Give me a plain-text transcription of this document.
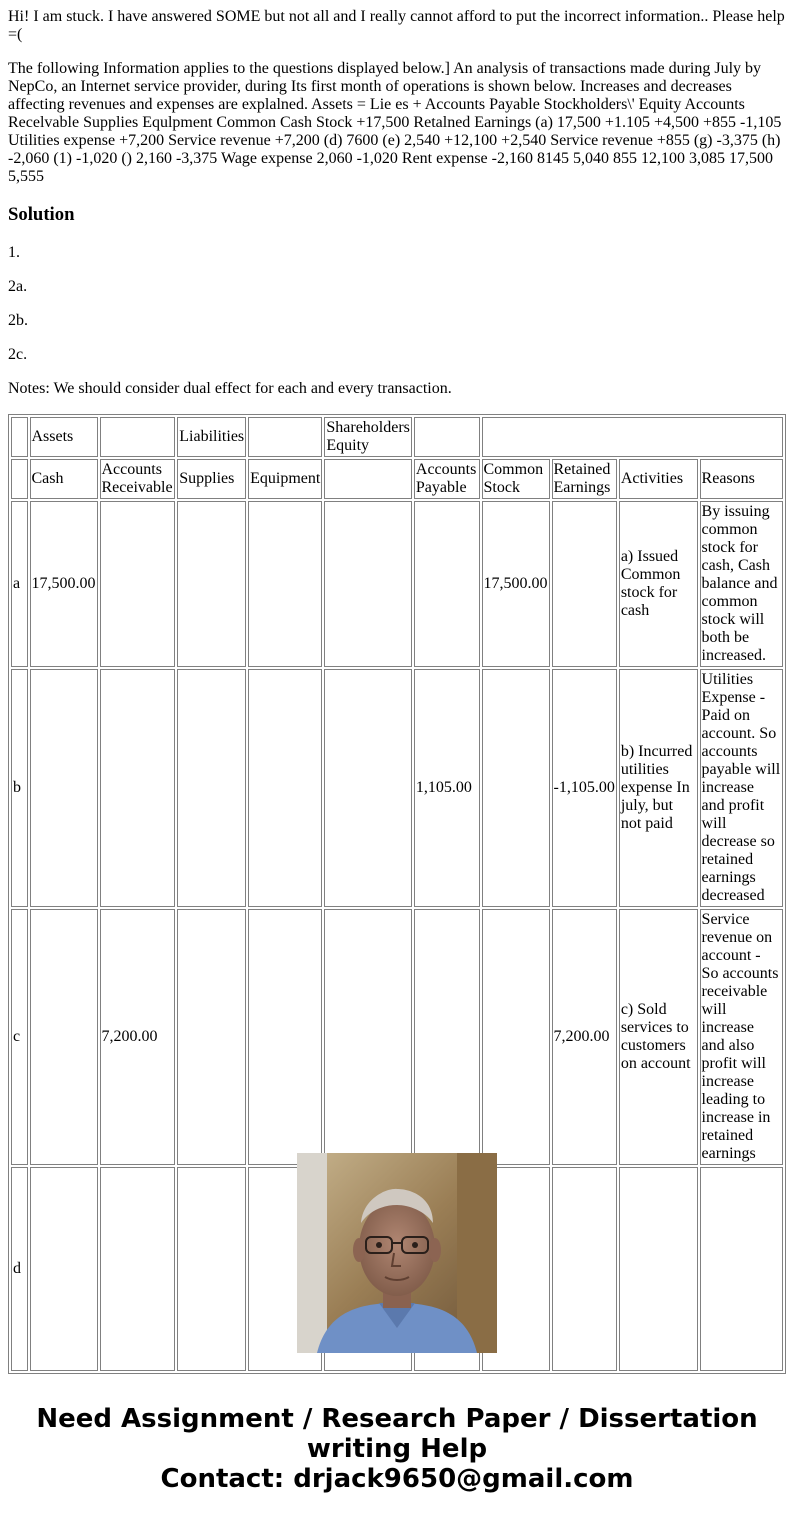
Hi! I am stuck. I have answered SOME but not all and I really cannot afford to put the incorrect information.. Please help =(

The following Information applies to the questions displayed below.] An analysis of transactions made during July by NepCo, an Internet service provider, during Its first month of operations is shown below. Increases and decreases affecting revenues and expenses are explalned. Assets = Lie es + Accounts Payable Stockholders\' Equity Accounts Recelvable Supplies Equlpment Common Cash Stock +17,500 Retalned Earnings (a) 17,500 +1.105 +4,500 +855 -1,105 Utilities expense +7,200 Service revenue +7,200 (d) 7600 (e) 2,540 +12,100 +2,540 Service revenue +855 (g) -3,375 (h) -2,060 (1) -1,020 () 2,160 -3,375 Wage expense 2,060 -1,020 Rent expense -2,160 8145 5,040 855 12,100 3,085 17,500 5,555

Solution

1.

2a.

2b.

2c.

Notes: We should consider dual effect for each and every transaction.

	Assets		Liabilities		Shareholders Equity					
	Cash	Accounts Receivable	Supplies	Equipment		Accounts Payable	Common Stock	Retained Earnings	Activities	Reasons
a	17,500.00						17,500.00		a) Issued Common stock for cash	By issuing common stock for cash, Cash balance and common stock will both be increased.
b						1,105.00		-1,105.00	b) Incurred utilities expense In july, but not paid	Utilities Expense - Paid on account. So accounts payable will increase and profit will decrease so retained earnings decreased
c		7,200.00						7,200.00	c) Sold services to customers on account	Service revenue on account - So accounts receivable will increase and also profit will increase leading to increase in retained earnings
d										
Need Assignment / Research Paper / Dissertation
writing Help
Contact: drjack9650@gmail.com
